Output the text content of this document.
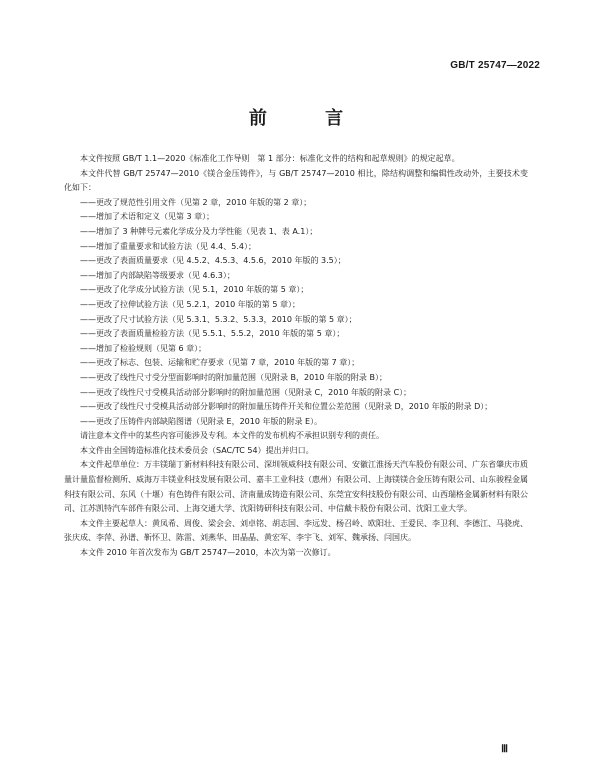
GB/T 25747—2022
前 言

本文件按照 GB/T 1.1—2020《标准化工作导则　第 1 部分：标准化文件的结构和起草规则》的规定起草。

本文件代替 GB/T 25747—2010《镁合金压铸件》，与 GB/T 25747—2010 相比，除结构调整和编辑性改动外，主要技术变化如下：

——更改了规范性引用文件（见第 2 章，2010 年版的第 2 章）；
——增加了术语和定义（见第 3 章）；
——增加了 3 种牌号元素化学成分及力学性能（见表 1、表 A.1）；
——增加了重量要求和试验方法（见 4.4、5.4）；
——更改了表面质量要求（见 4.5.2、4.5.3、4.5.6，2010 年版的 3.5）；
——增加了内部缺陷等级要求（见 4.6.3）；
——更改了化学成分试验方法（见 5.1，2010 年版的第 5 章）；
——更改了拉伸试验方法（见 5.2.1，2010 年版的第 5 章）；
——更改了尺寸试验方法（见 5.3.1、5.3.2、5.3.3，2010 年版的第 5 章）；
——更改了表面质量检验方法（见 5.5.1、5.5.2，2010 年版的第 5 章）；
——增加了检验规则（见第 6 章）；
——更改了标志、包装、运输和贮存要求（见第 7 章，2010 年版的第 7 章）；
——更改了线性尺寸受分型面影响时的附加量范围（见附录 B，2010 年版的附录 B）；
——更改了线性尺寸受模具活动部分影响时的附加量范围（见附录 C，2010 年版的附录 C）；
——更改了线性尺寸受模具活动部分影响时的附加量压铸件开关和位置公差范围（见附录 D，2010 年版的附录 D）；
——更改了压铸件内部缺陷图谱（见附录 E，2010 年版的附录 E）。

请注意本文件中的某些内容可能涉及专利。本文件的发布机构不承担识别专利的责任。

本文件由全国铸造标准化技术委员会（SAC/TC 54）提出并归口。

本文件起草单位：万丰镁瑞丁新材料科技有限公司、深圳领威科技有限公司、安徽江淮扬天汽车股份有限公司、广东省肇庆市质量计量监督检测所、威海万丰镁业科技发展有限公司、嘉丰工业科技（惠州）有限公司、上海镁镁合金压铸有限公司、山东骏程金属科技有限公司、东风（十堰）有色铸件有限公司、济南量成铸造有限公司、东莞宜安科技股份有限公司、山西瑞格金属新材料有限公司、江苏凯特汽车部件有限公司、上海交通大学、沈阳铸研科技有限公司、中信戴卡股份有限公司、沈阳工业大学。

本文件主要起草人：黄凤希、周俊、梁会会、刘卓铭、胡志国、李远发、杨召岭、欧阳壮、王爱民、李卫利、李德江、马骁虎、张庆成、李萍、孙谱、靳怀卫、陈雷、刘燕华、田晶晶、黄宏军、李宇飞、刘军、魏承扬、闫国庆。

本文件 2010 年首次发布为 GB/T 25747—2010，本次为第一次修订。

Ⅲ
